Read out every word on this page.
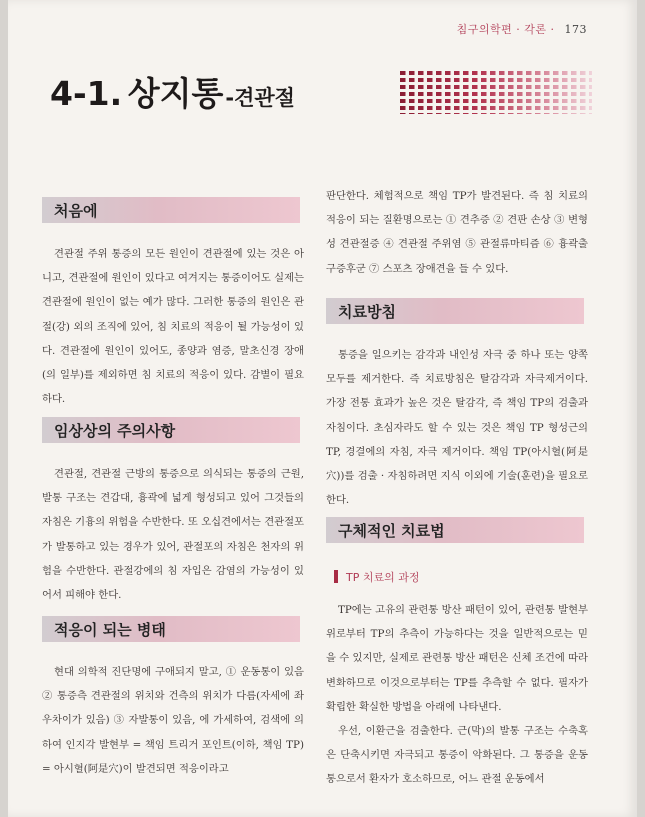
침구의학편 · 각론 · 173
4-1. 상지통-견관절
처음에

견관절 주위 통증의 모든 원인이 견관절에 있는 것은 아니고, 견관절에 원인이 있다고 여겨지는 통증이어도 실제는 견관절에 원인이 없는 예가 많다. 그러한 통증의 원인은 관절(강) 외의 조직에 있어, 침 치료의 적응이 될 가능성이 있다. 견관절에 원인이 있어도, 종양과 염증, 말초신경 장애(의 일부)를 제외하면 침 치료의 적응이 있다. 감별이 필요하다.

임상상의 주의사항

견관절, 견관절 근방의 통증으로 의식되는 통증의 근원, 발통 구조는 견갑대, 흉곽에 넓게 형성되고 있어 그것들의 자침은 기흉의 위험을 수반한다. 또 오십견에서는 견관절포가 발통하고 있는 경우가 있어, 관절포의 자침은 천자의 위험을 수반한다. 관절강에의 침 자입은 감염의 가능성이 있어서 피해야 한다.

적응이 되는 병태

현대 의학적 진단명에 구애되지 말고, ① 운동통이 있음 ② 통증측 견관절의 위치와 건측의 위치가 다름(자세에 좌우차이가 있음) ③ 자발통이 있음, 에 가세하여, 검색에 의하여 인지각 발현부 = 책임 트리거 포인트(이하, 책임 TP) = 아시혈(阿是穴)이 발견되면 적응이라고

판단한다. 체험적으로 책임 TP가 발견된다. 즉 침 치료의 적응이 되는 질환명으로는 ① 견추증 ② 견판 손상 ③ 변형성 견관절증 ④ 견관절 주위염 ⑤ 관절류마티즘 ⑥ 흉곽출구증후군 ⑦ 스포츠 장애견을 들 수 있다.

치료방침

통증을 일으키는 감각과 내인성 자극 중 하나 또는 양쪽 모두를 제거한다. 즉 치료방침은 탈감각과 자극제거이다. 가장 전통 효과가 높은 것은 탈감각, 즉 책임 TP의 검출과 자침이다. 초심자라도 할 수 있는 것은 책임 TP 형성근의 TP, 경결에의 자침, 자극 제거이다. 책임 TP(아시혈(阿是穴))를 검출 · 자침하려면 지식 이외에 기술(훈련)을 필요로 한다.

구체적인 치료법
TP 치료의 과정

TP에는 고유의 관련통 방산 패턴이 있어, 관련통 발현부위로부터 TP의 추측이 가능하다는 것을 일반적으로는 믿을 수 있지만, 실제로 관련통 방산 패턴은 신체 조건에 따라 변화하므로 이것으로부터는 TP를 추측할 수 없다. 필자가 확립한 확실한 방법을 아래에 나타낸다.

우선, 이환근을 검출한다. 근(막)의 발통 구조는 수축혹은 단축시키면 자극되고 통증이 악화된다. 그 통증을 운동통으로서 환자가 호소하므로, 어느 관절 운동에서
